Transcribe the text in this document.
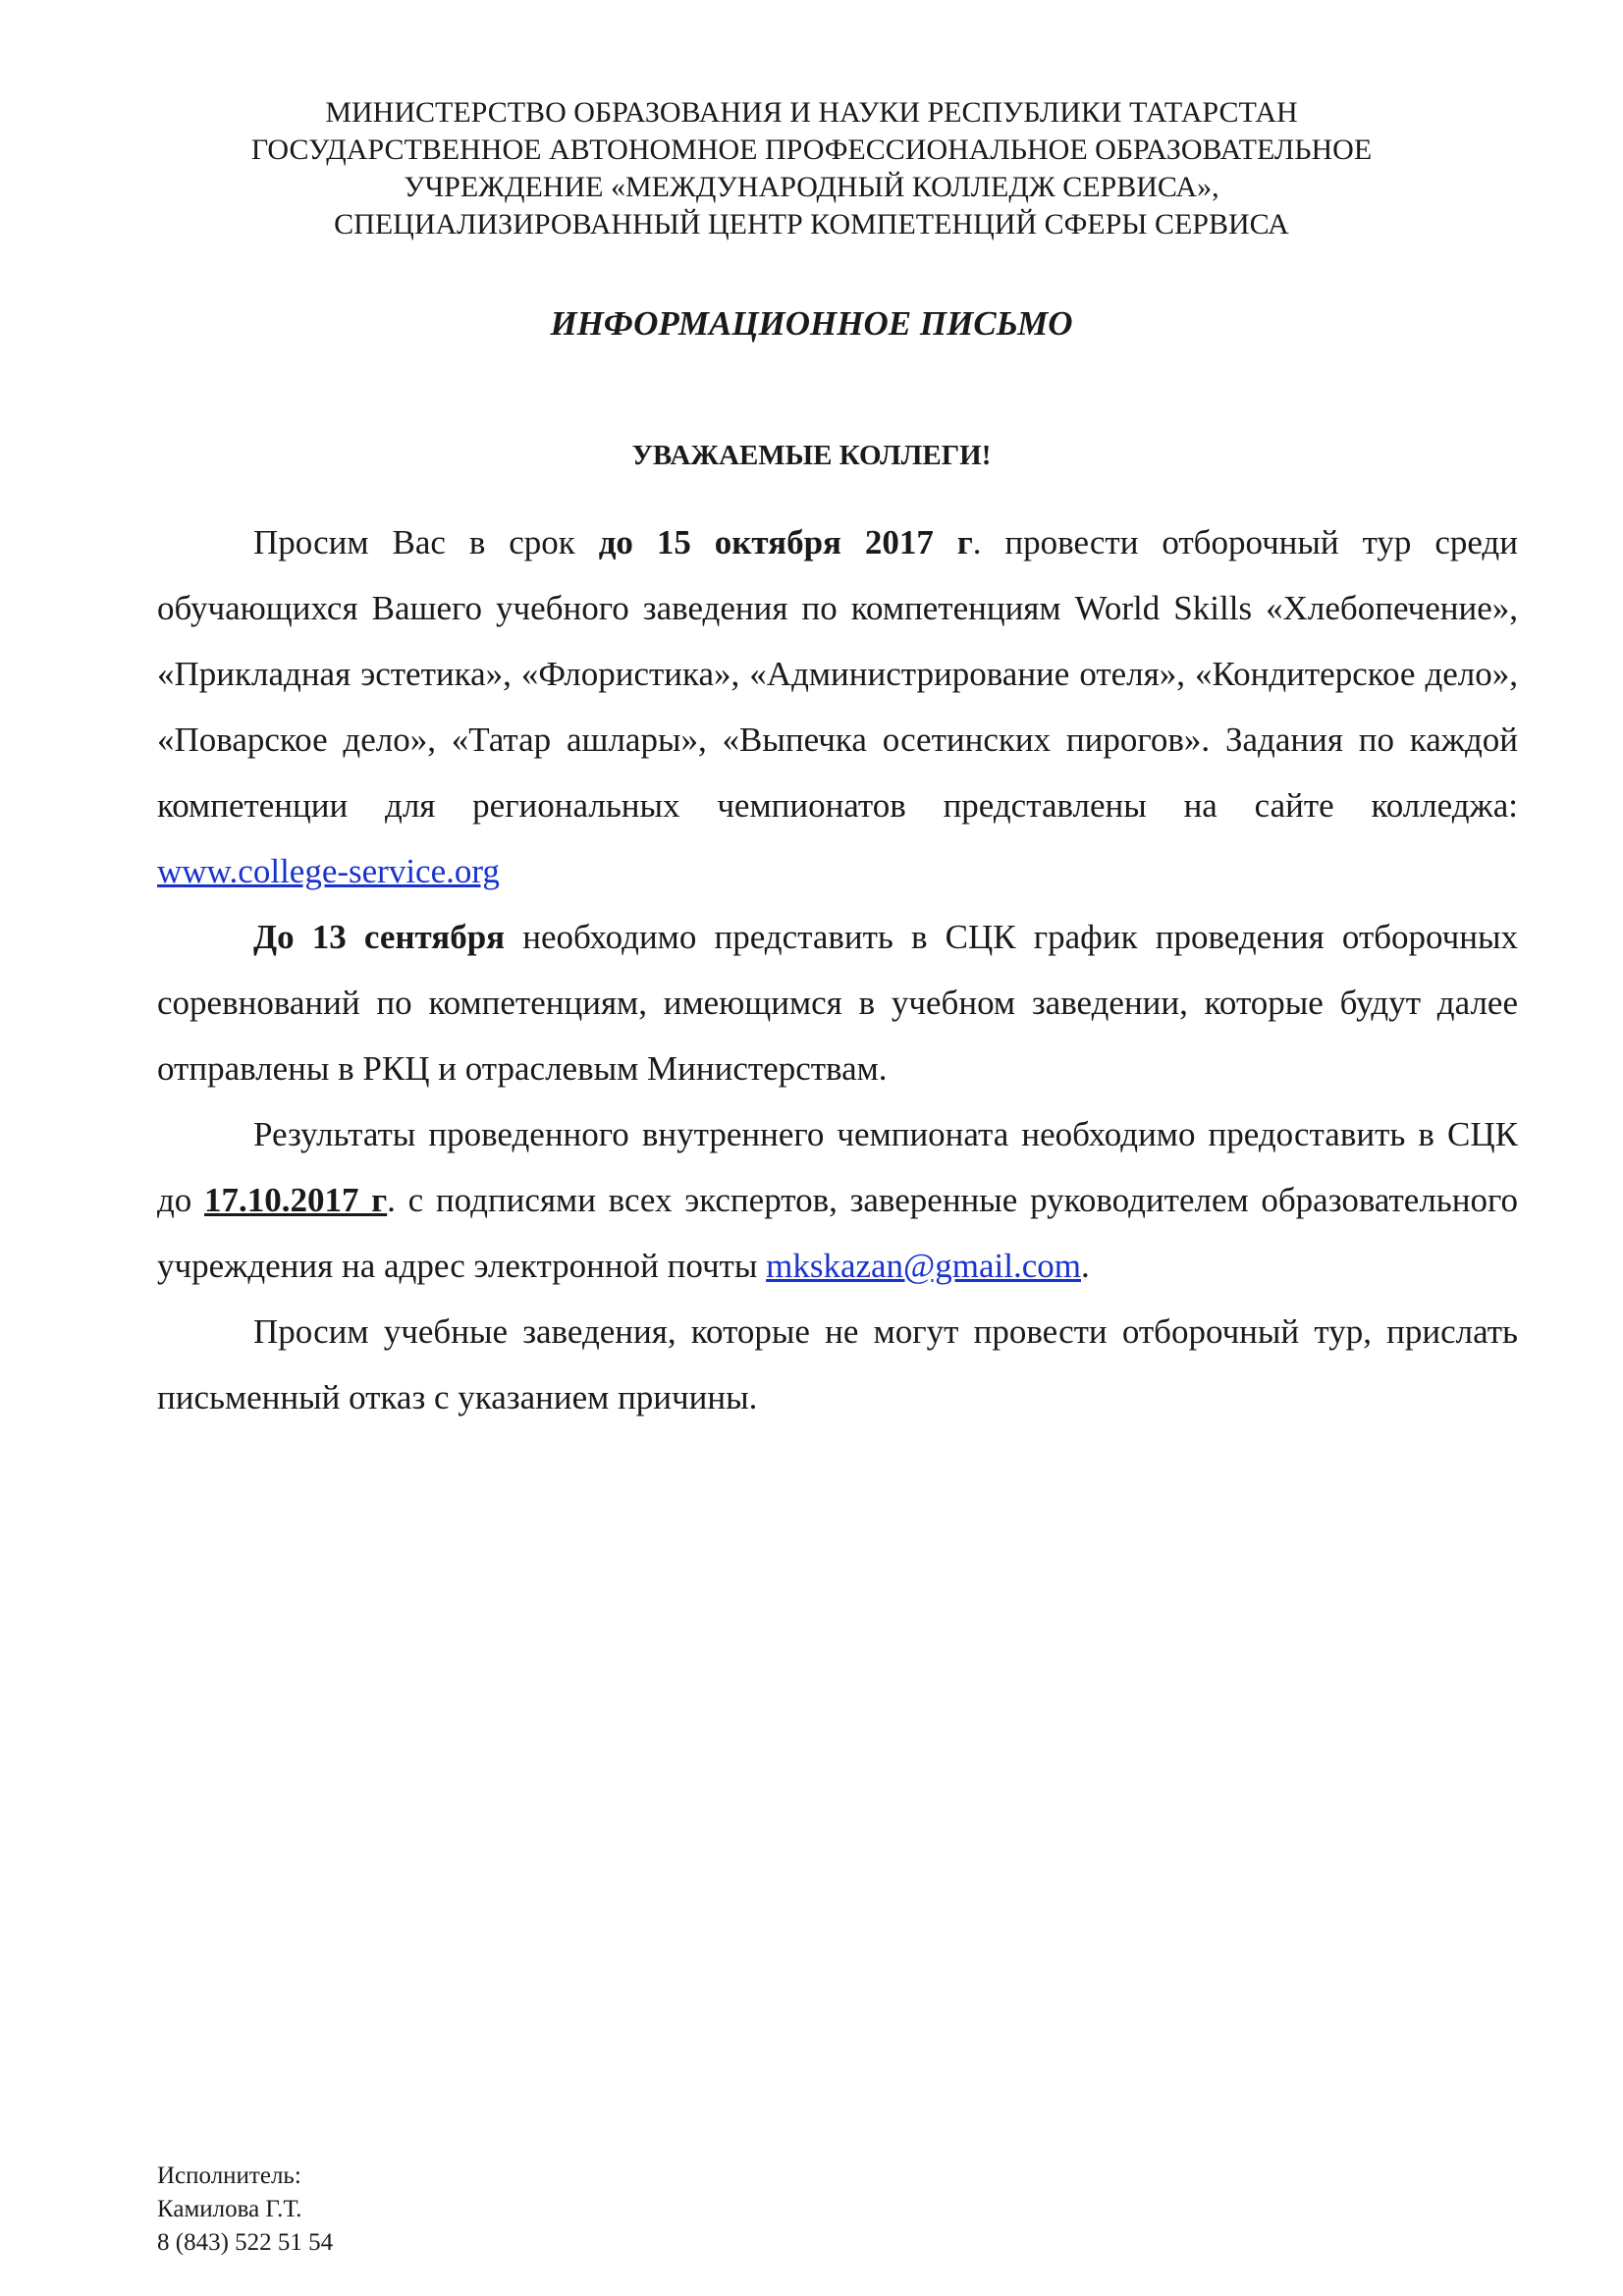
МИНИСТЕРСТВО ОБРАЗОВАНИЯ И НАУКИ РЕСПУБЛИКИ ТАТАРСТАН
ГОСУДАРСТВЕННОЕ АВТОНОМНОЕ ПРОФЕССИОНАЛЬНОЕ ОБРАЗОВАТЕЛЬНОЕ
УЧРЕЖДЕНИЕ «МЕЖДУНАРОДНЫЙ КОЛЛЕДЖ СЕРВИСА»,
СПЕЦИАЛИЗИРОВАННЫЙ ЦЕНТР КОМПЕТЕНЦИЙ СФЕРЫ СЕРВИСА
ИНФОРМАЦИОННОЕ ПИСЬМО
УВАЖАЕМЫЕ КОЛЛЕГИ!

Просим Вас в срок до 15 октября 2017 г. провести отборочный тур среди обучающихся Вашего учебного заведения по компетенциям World Skills «Хлебопечение», «Прикладная эстетика», «Флористика», «Администрирование отеля», «Кондитерское дело», «Поварское дело», «Татар ашлары», «Выпечка осетинских пирогов». Задания по каждой компетенции для региональных чемпионатов представлены на сайте колледжа: www.college-service.org

До 13 сентября необходимо представить в СЦК график проведения отборочных соревнований по компетенциям, имеющимся в учебном заведении, которые будут далее отправлены в РКЦ и отраслевым Министерствам.

Результаты проведенного внутреннего чемпионата необходимо предоставить в СЦК до 17.10.2017 г. с подписями всех экспертов, заверенные руководителем образовательного учреждения на адрес электронной почты mkskazan@gmail.com.

Просим учебные заведения, которые не могут провести отборочный тур, прислать письменный отказ с указанием причины.

Исполнитель:
Камилова Г.Т.
8 (843) 522 51 54
